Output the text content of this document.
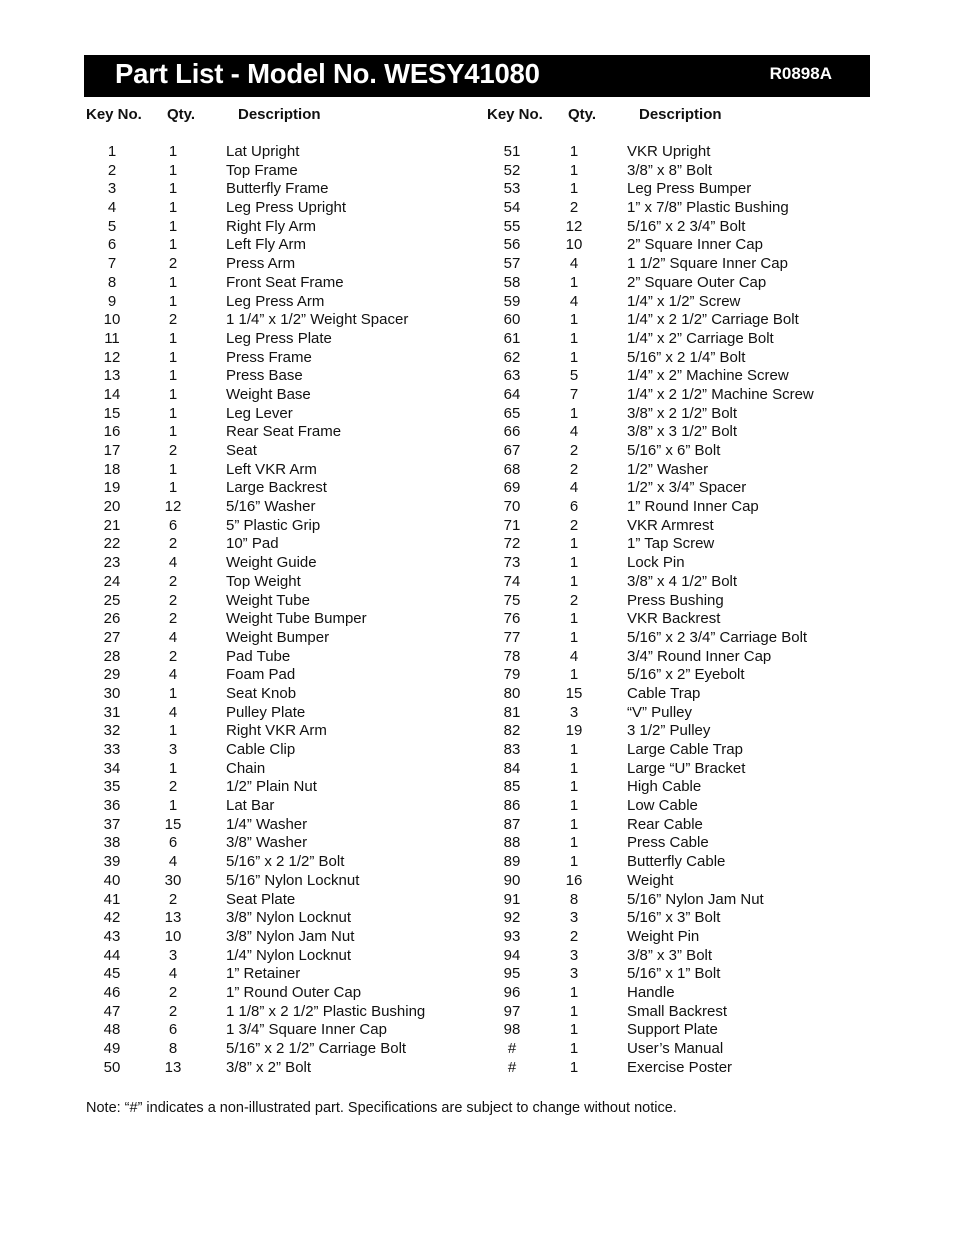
Part List - Model No. WESY41080	R0898A
Key No. Qty.	Description	Key No. Qty.	Description
1	1	Lat Upright	51	1	VKR Upright
2	1	Top Frame	52	1	3/8” x 8” Bolt
3	1	Butterfly Frame	53	1	Leg Press Bumper
4	1	Leg Press Upright	54	2	1” x 7/8” Plastic Bushing
5	1	Right Fly Arm	55	12	5/16” x 2 3/4” Bolt
6	1	Left Fly Arm	56	10	2” Square Inner Cap
7	2	Press Arm	57	4	1 1/2” Square Inner Cap
8	1	Front Seat Frame	58	1	2” Square Outer Cap
9	1	Leg Press Arm	59	4	1/4” x 1/2” Screw
10	2	1 1/4” x 1/2” Weight Spacer	60	1	1/4” x 2 1/2” Carriage Bolt
11	1	Leg Press Plate	61	1	1/4” x 2” Carriage Bolt
12	1	Press Frame	62	1	5/16” x 2 1/4” Bolt
13	1	Press Base	63	5	1/4” x 2” Machine Screw
14	1	Weight Base	64	7	1/4” x 2 1/2” Machine Screw
15	1	Leg Lever	65	1	3/8” x 2 1/2” Bolt
16	1	Rear Seat Frame	66	4	3/8” x 3 1/2” Bolt
17	2	Seat	67	2	5/16” x 6” Bolt
18	1	Left VKR Arm	68	2	1/2” Washer
19	1	Large Backrest	69	4	1/2” x 3/4” Spacer
20	12	5/16” Washer	70	6	1” Round Inner Cap
21	6	5” Plastic Grip	71	2	VKR Armrest
22	2	10” Pad	72	1	1” Tap Screw
23	4	Weight Guide	73	1	Lock Pin
24	2	Top Weight	74	1	3/8” x 4 1/2” Bolt
25	2	Weight Tube	75	2	Press Bushing
26	2	Weight Tube Bumper	76	1	VKR Backrest
27	4	Weight Bumper	77	1	5/16” x 2 3/4” Carriage Bolt
28	2	Pad Tube	78	4	3/4” Round Inner Cap
29	4	Foam Pad	79	1	5/16” x 2” Eyebolt
30	1	Seat Knob	80	15	Cable Trap
31	4	Pulley Plate	81	3	“V” Pulley
32	1	Right VKR Arm	82	19	3 1/2” Pulley
33	3	Cable Clip	83	1	Large Cable Trap
34	1	Chain	84	1	Large “U” Bracket
35	2	1/2” Plain Nut	85	1	High Cable
36	1	Lat Bar	86	1	Low Cable
37	15	1/4” Washer	87	1	Rear Cable
38	6	3/8” Washer	88	1	Press Cable
39	4	5/16” x 2 1/2” Bolt	89	1	Butterfly Cable
40	30	5/16” Nylon Locknut	90	16	Weight
41	2	Seat Plate	91	8	5/16” Nylon Jam Nut
42	13	3/8” Nylon Locknut	92	3	5/16” x 3” Bolt
43	10	3/8” Nylon Jam Nut	93	2	Weight Pin
44	3	1/4” Nylon Locknut	94	3	3/8” x 3” Bolt
45	4	1” Retainer	95	3	5/16” x 1” Bolt
46	2	1” Round Outer Cap	96	1	Handle
47	2	1 1/8” x 2 1/2” Plastic Bushing	97	1	Small Backrest
48	6	1 3/4” Square Inner Cap	98	1	Support Plate
49	8	5/16” x 2 1/2” Carriage Bolt	#	1	User’s Manual
50	13	3/8” x 2” Bolt	#	1	Exercise Poster
Note: “#” indicates a non-illustrated part. Specifications are subject to change without notice.
